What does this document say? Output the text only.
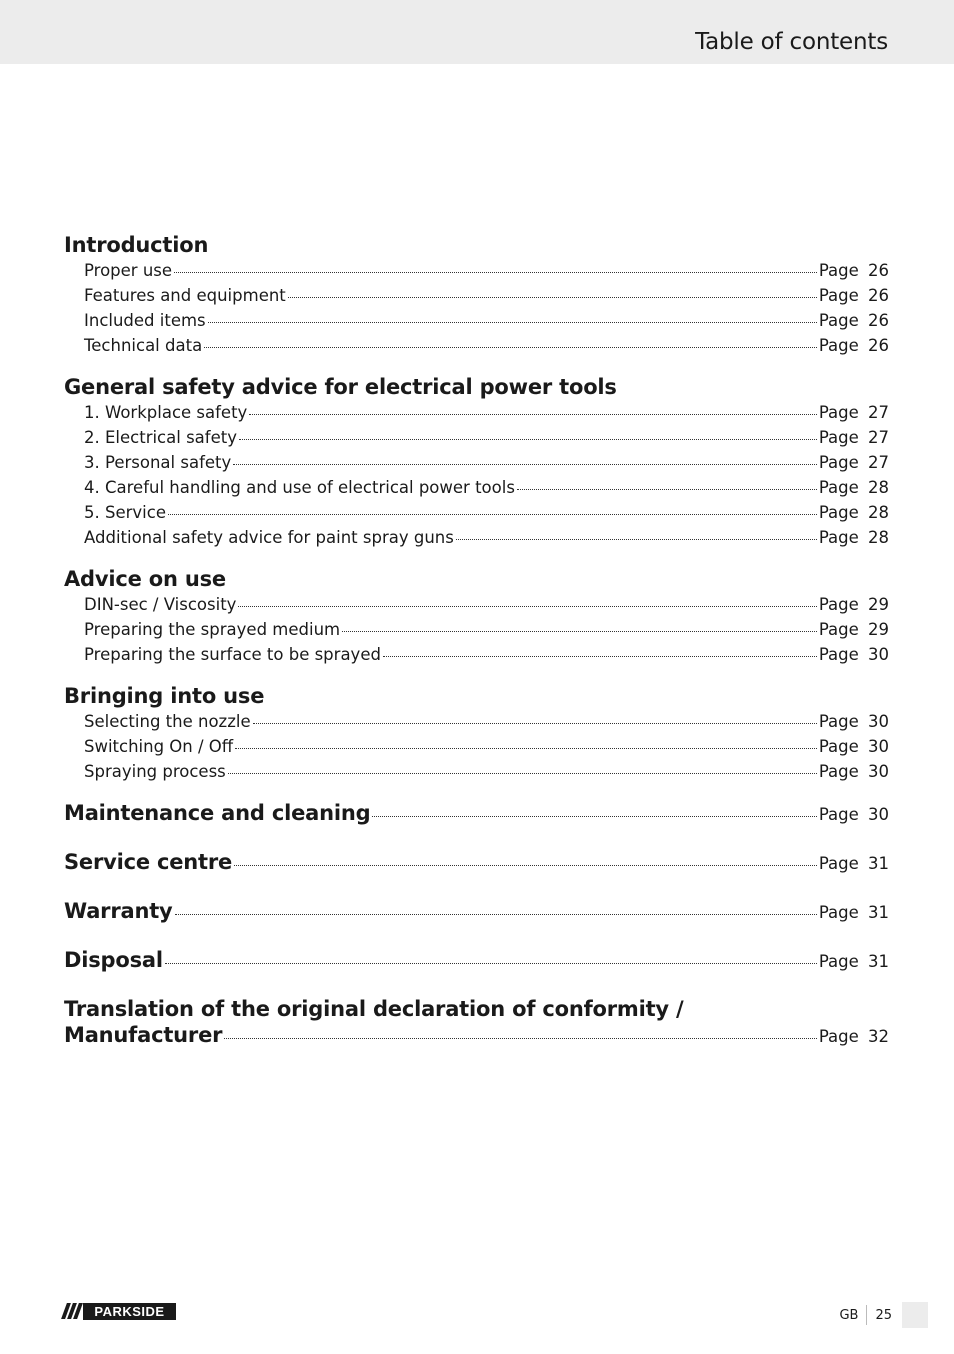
Table of contents
Introduction
Proper use	Page 26
Features and equipment	Page 26
Included items	Page 26
Technical data	Page 26
General safety advice for electrical power tools
1. Workplace safety	Page 27
2. Electrical safety	Page 27
3. Personal safety	Page 27
4. Careful handling and use of electrical power tools	Page 28
5. Service	Page 28
Additional safety advice for paint spray guns	Page 28
Advice on use
DIN-sec / Viscosity	Page 29
Preparing the sprayed medium	Page 29
Preparing the surface to be sprayed	Page 30
Bringing into use
Selecting the nozzle	Page 30
Switching On / Off	Page 30
Spraying process	Page 30
Maintenance and cleaning	Page 30
Service centre	Page 31
Warranty	Page 31
Disposal	Page 31
Translation of the original declaration of conformity /
Manufacturer	Page 32
PARKSIDE	GB 25
